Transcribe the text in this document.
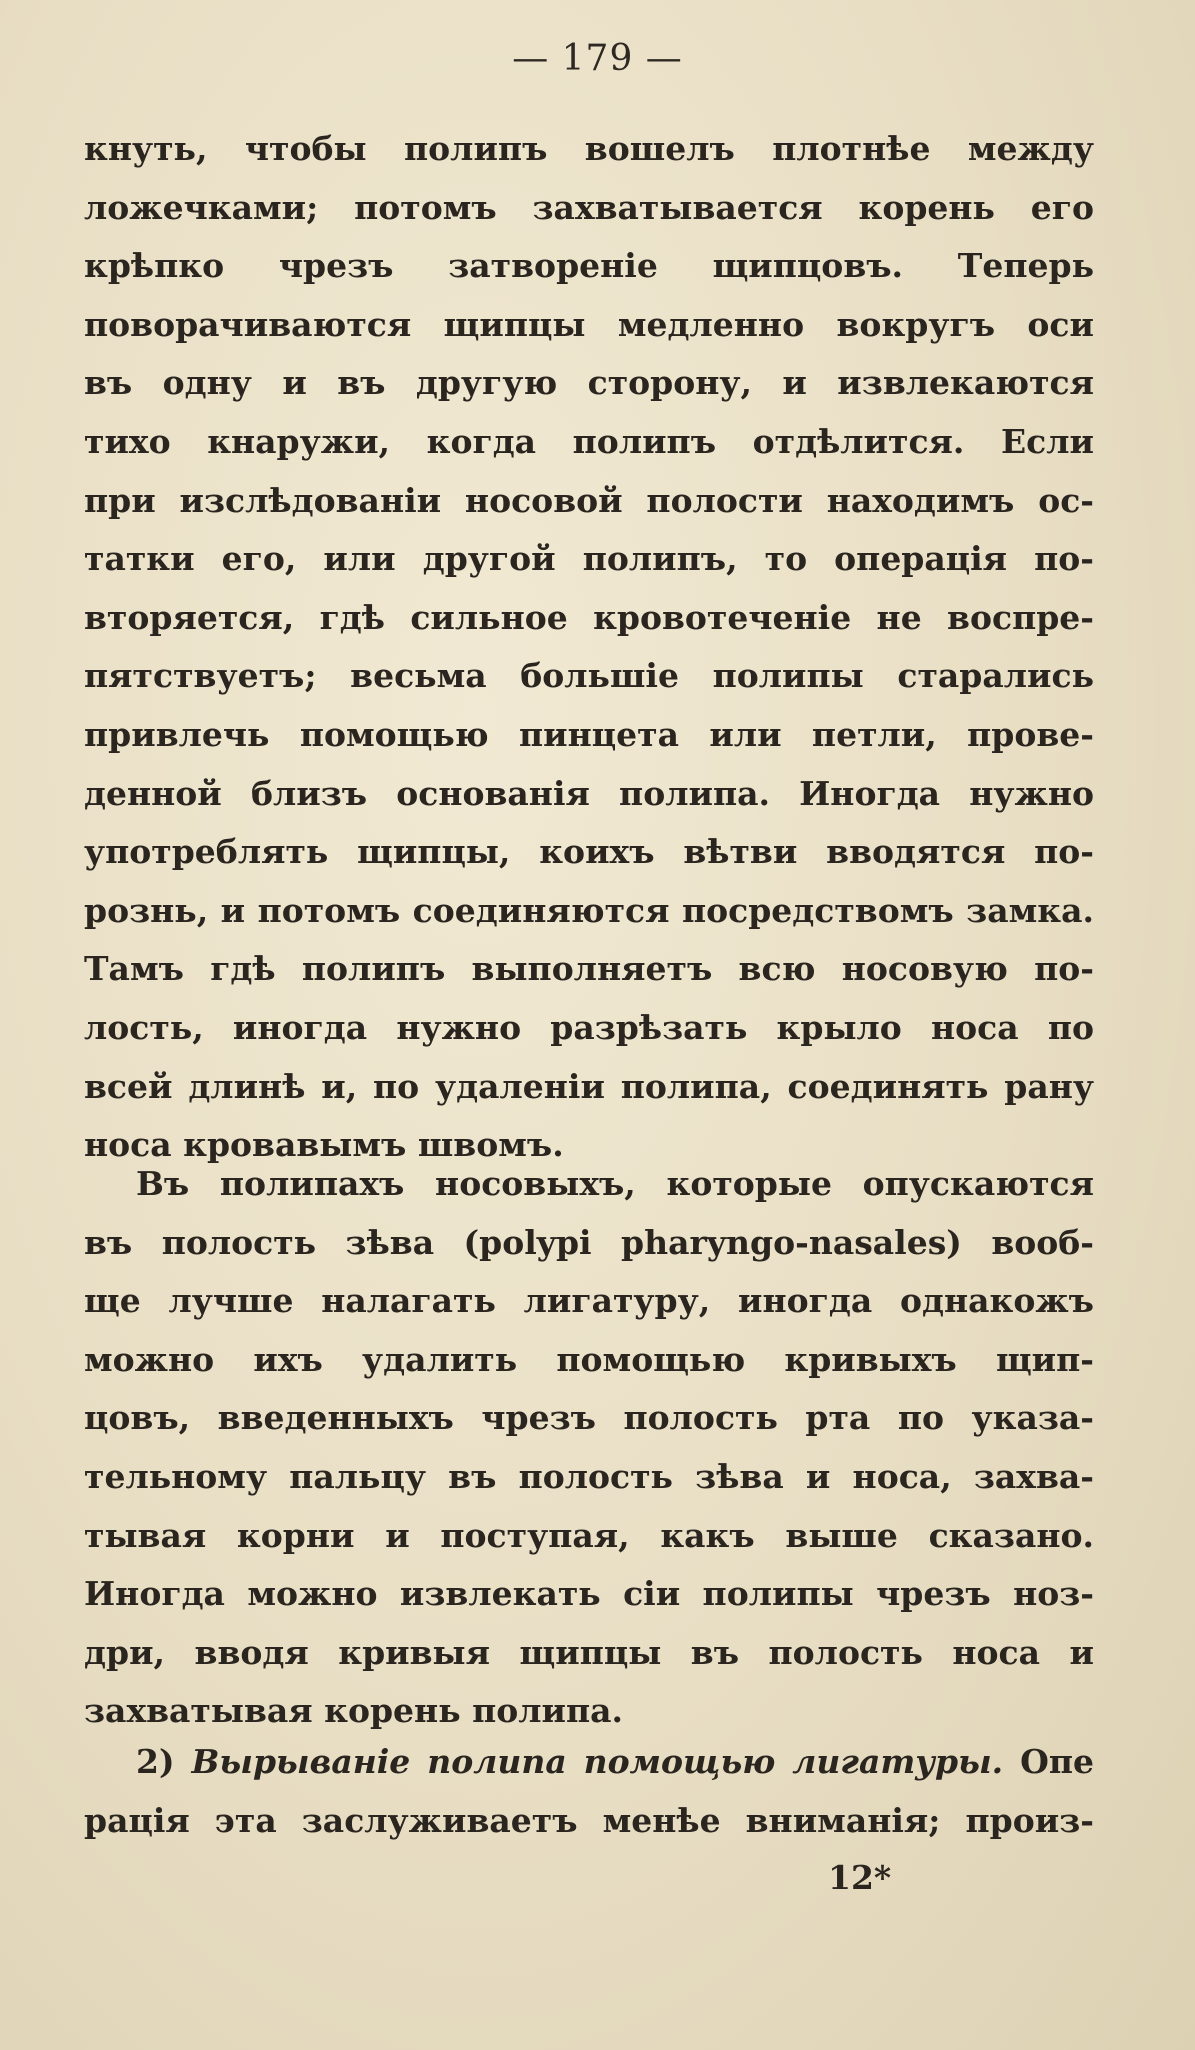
— 179 —
кнуть, чтобы полипъ вошелъ плотнѣе между
ложечками; потомъ захватывается корень его
крѣпко чрезъ затворенiе щипцовъ. Теперь
поворачиваются щипцы медленно вокругъ оси
въ одну и въ другую сторону, и извлекаются
тихо кнаружи, когда полипъ отдѣлится. Если
при изслѣдованiи носовой полости находимъ ос-
татки его, или другой полипъ, то операцiя по-
вторяется, гдѣ сильное кровотеченiе не воспре-
пятствуетъ; весьма большiе полипы старались
привлечь помощью пинцета или петли, прове-
денной близъ основанiя полипа. Иногда нужно
употреблять щипцы, коихъ вѣтви вводятся по-
рознь, и потомъ соединяются посредствомъ замка.
Тамъ гдѣ полипъ выполняетъ всю носовую по-
лость, иногда нужно разрѣзать крыло носа по
всей длинѣ и, по удаленiи полипа, соединять рану
носа кровавымъ швомъ.
Въ полипахъ носовыхъ, которые опускаются
въ полость зѣва (polypi pharyngo-nasales) вооб-
ще лучше налагать лигатуру, иногда однакожъ
можно ихъ удалить помощью кривыхъ щип-
цовъ, введенныхъ чрезъ полость рта по указа-
тельному пальцу въ полость зѣва и носа, захва-
тывая корни и поступая, какъ выше сказано.
Иногда можно извлекать сiи полипы чрезъ ноз-
дри, вводя кривыя щипцы въ полость носа и
захватывая корень полипа.
2) Вырыванiе полипа помощью лигатуры. Опе
рацiя эта заслуживаетъ менѣе вниманiя; произ-
12*
